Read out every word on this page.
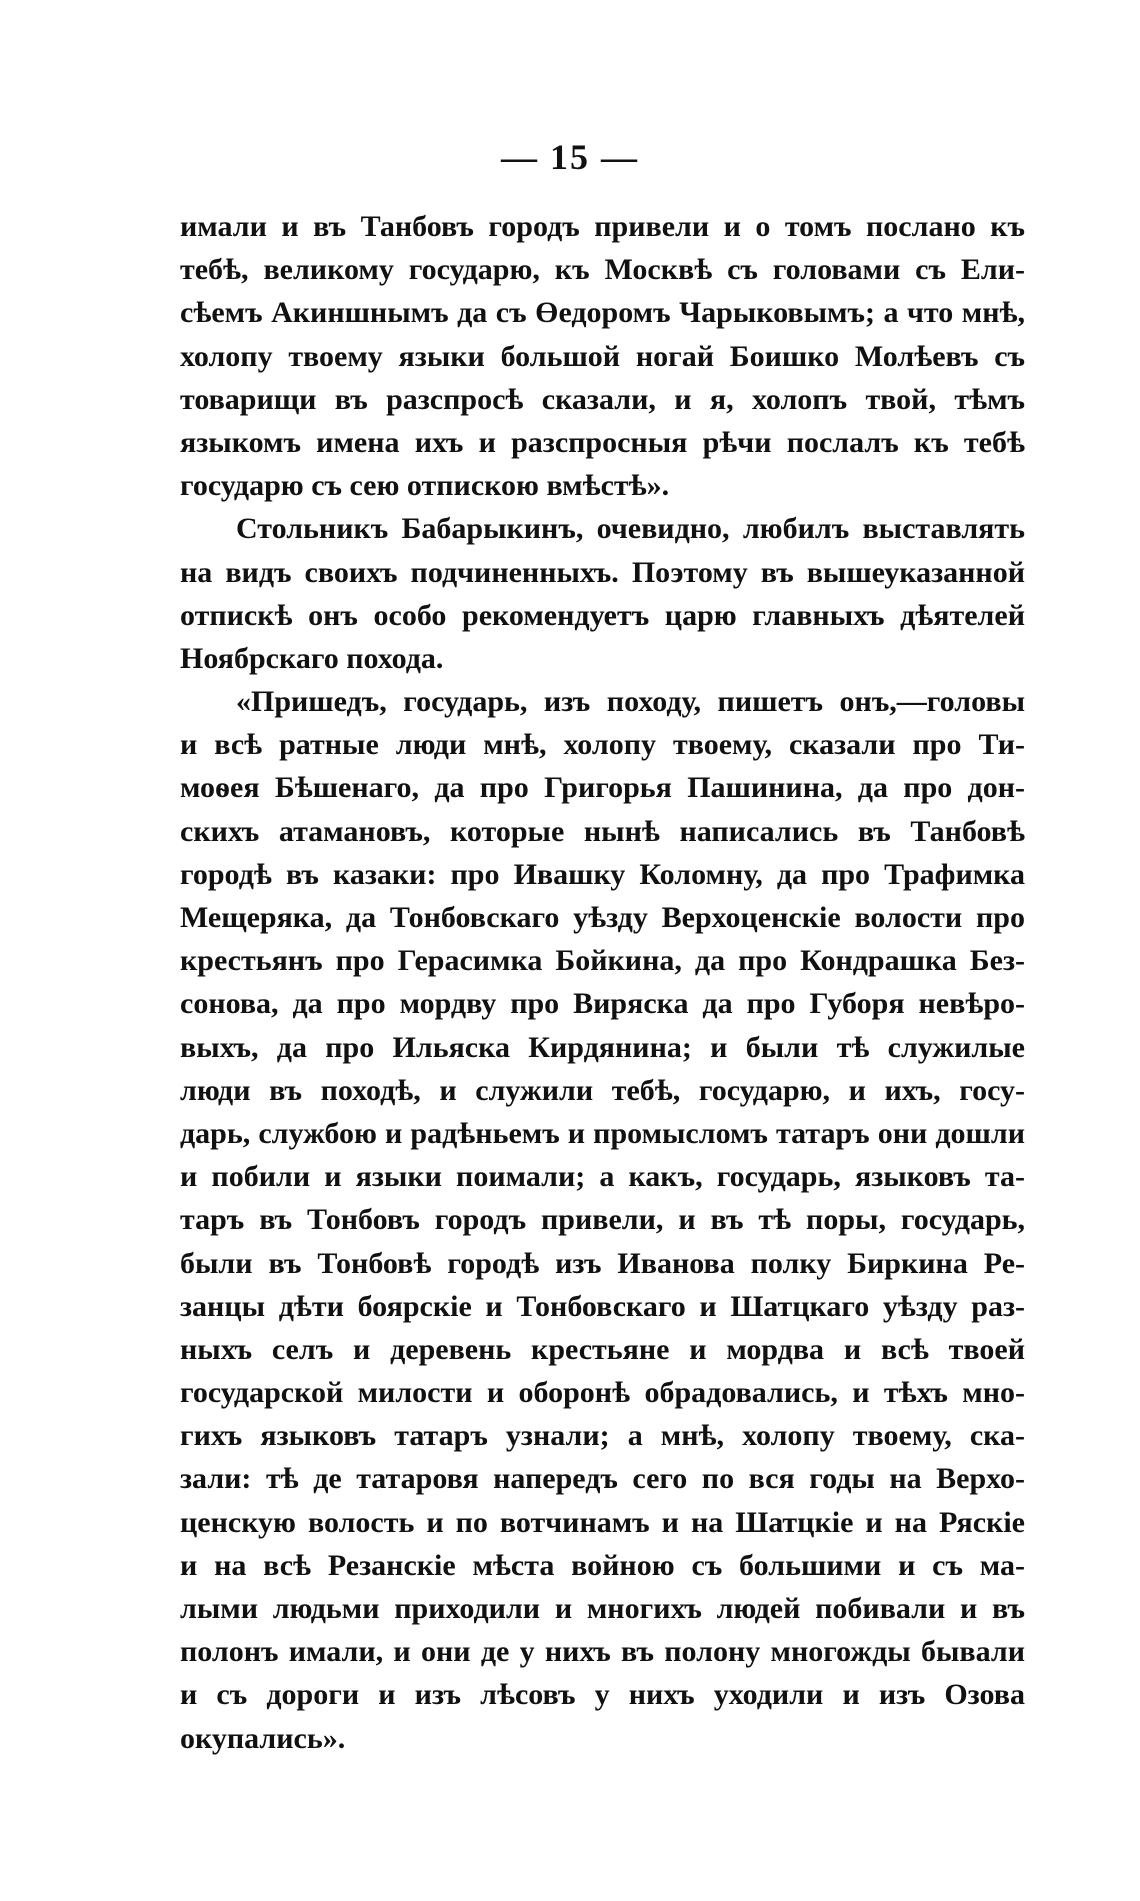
— 15 —
имали и въ Танбовъ городъ привели и о томъ послано къ
тебѣ, великому государю, къ Москвѣ съ головами съ Ели-
сѣемъ Акиншнымъ да съ Өедоромъ Чарыковымъ; а что мнѣ,
холопу твоему языки большой ногай Боишко Молѣевъ съ
товарищи въ разспросѣ сказали, и я, холопъ твой, тѣмъ
языкомъ имена ихъ и разспросныя рѣчи послалъ къ тебѣ
государю съ сею отпискою вмѣстѣ».
Стольникъ Бабарыкинъ, очевидно, любилъ выставлять
на видъ своихъ подчиненныхъ. Поэтому въ вышеуказанной
отпискѣ онъ особо рекомендуетъ царю главныхъ дѣятелей
Ноябрскаго похода.
«Пришедъ, государь, изъ походу, пишетъ онъ,—головы
и всѣ ратные люди мнѣ, холопу твоему, сказали про Ти-
моѳея Бѣшенаго, да про Григорья Пашинина, да про дон-
скихъ атамановъ, которые нынѣ написались въ Танбовѣ
городѣ въ казаки: про Ивашку Коломну, да про Трафимка
Мещеряка, да Тонбовскаго уѣзду Верхоценскіе волости про
крестьянъ про Герасимка Бойкина, да про Кондрашка Без-
сонова, да про мордву про Виряска да про Губоря невѣро-
выхъ, да про Ильяска Кирдянина; и были тѣ служилые
люди въ походѣ, и служили тебѣ, государю, и ихъ, госу-
дарь, службою и радѣньемъ и промысломъ татаръ они дошли
и побили и языки поимали; а какъ, государь, языковъ та-
таръ въ Тонбовъ городъ привели, и въ тѣ поры, государь,
были въ Тонбовѣ городѣ изъ Иванова полку Биркина Ре-
занцы дѣти боярскіе и Тонбовскаго и Шатцкаго уѣзду раз-
ныхъ селъ и деревень крестьяне и мордва и всѣ твоей
государской милости и оборонѣ обрадовались, и тѣхъ мно-
гихъ языковъ татаръ узнали; а мнѣ, холопу твоему, ска-
зали: тѣ де татаровя напередъ сего по вся годы на Верхо-
ценскую волость и по вотчинамъ и на Шатцкіе и на Ряскіе
и на всѣ Резанскіе мѣста войною съ большими и съ ма-
лыми людьми приходили и многихъ людей побивали и въ
полонъ имали, и они де у нихъ въ полону многожды бывали
и съ дороги и изъ лѣсовъ у нихъ уходили и изъ Озова
окупались».
